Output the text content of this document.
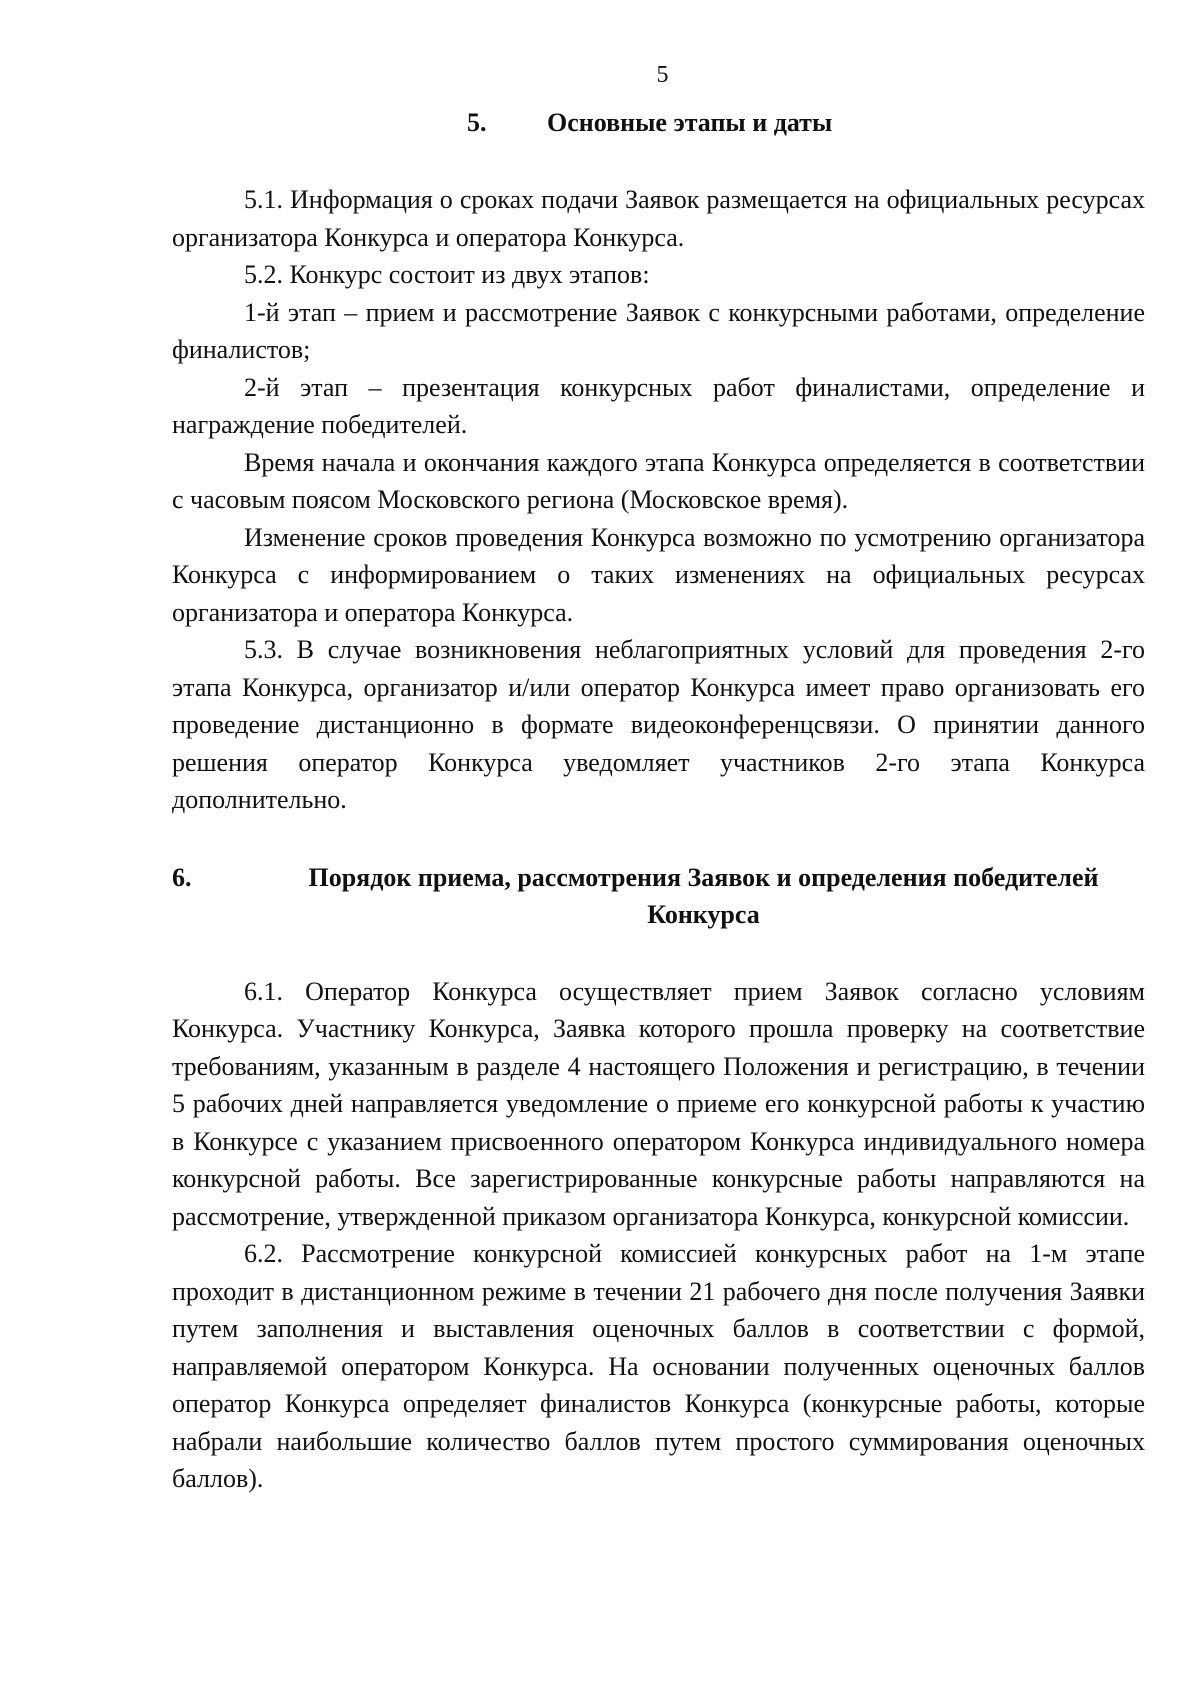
5
5.	Основные этапы и даты

5.1. Информация о сроках подачи Заявок размещается на официальных ресурсах организатора Конкурса и оператора Конкурса.

5.2. Конкурс состоит из двух этапов:

1-й этап – прием и рассмотрение Заявок с конкурсными работами, определение финалистов;

2-й этап – презентация конкурсных работ финалистами, определение и награждение победителей.

Время начала и окончания каждого этапа Конкурса определяется в соответствии с часовым поясом Московского региона (Московское время).

Изменение сроков проведения Конкурса возможно по усмотрению организатора Конкурса с информированием о таких изменениях на официальных ресурсах организатора и оператора Конкурса.

5.3. В случае возникновения неблагоприятных условий для проведения 2-го этапа Конкурса, организатор и/или оператор Конкурса имеет право организовать его проведение дистанционно в формате видеоконференцсвязи. О принятии данного решения оператор Конкурса уведомляет участников 2-го этапа Конкурса дополнительно.

6.	Порядок приема, рассмотрения Заявок и определения победителей Конкурса

6.1. Оператор Конкурса осуществляет прием Заявок согласно условиям Конкурса. Участнику Конкурса, Заявка которого прошла проверку на соответствие требованиям, указанным в разделе 4 настоящего Положения и регистрацию, в течении 5 рабочих дней направляется уведомление о приеме его конкурсной работы к участию в Конкурсе с указанием присвоенного оператором Конкурса индивидуального номера конкурсной работы. Все зарегистрированные конкурсные работы направляются на рассмотрение, утвержденной приказом организатора Конкурса, конкурсной комиссии.

6.2. Рассмотрение конкурсной комиссией конкурсных работ на 1-м этапе проходит в дистанционном режиме в течении 21 рабочего дня после получения Заявки путем заполнения и выставления оценочных баллов в соответствии с формой, направляемой оператором Конкурса. На основании полученных оценочных баллов оператор Конкурса определяет финалистов Конкурса (конкурсные работы, которые набрали наибольшие количество баллов путем простого суммирования оценочных баллов).
